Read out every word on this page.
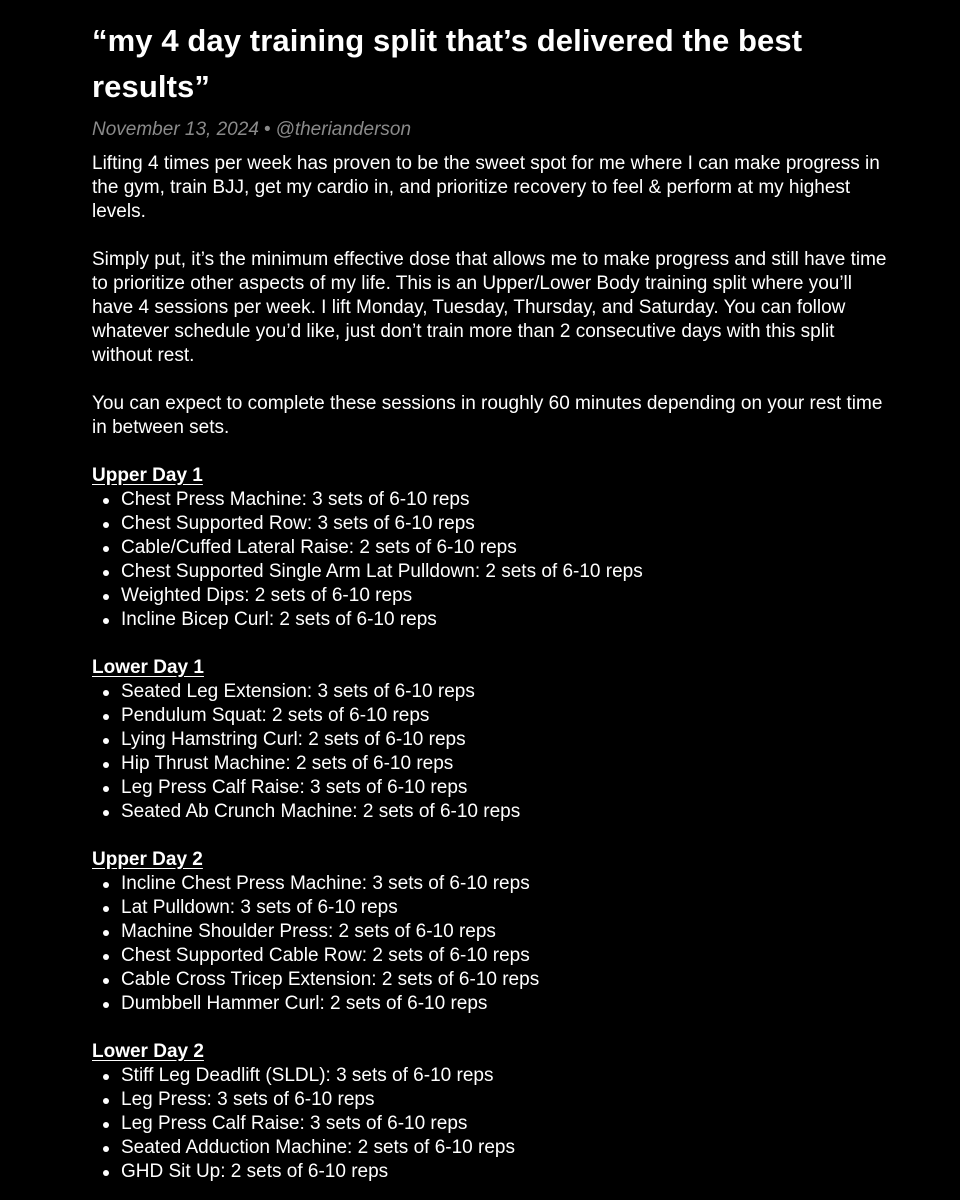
“my 4 day training split that’s delivered the best results”
November 13, 2024 • @therianderson

Lifting 4 times per week has proven to be the sweet spot for me where I can make progress in the gym, train BJJ, get my cardio in, and prioritize recovery to feel & perform at my highest levels.

Simply put, it’s the minimum effective dose that allows me to make progress and still have time to prioritize other aspects of my life. This is an Upper/Lower Body training split where you’ll have 4 sessions per week. I lift Monday, Tuesday, Thursday, and Saturday. You can follow whatever schedule you’d like, just don’t train more than 2 consecutive days with this split without rest.

You can expect to complete these sessions in roughly 60 minutes depending on your rest time in between sets.

Upper Day 1
Chest Press Machine: 3 sets of 6-10 reps
Chest Supported Row: 3 sets of 6-10 reps
Cable/Cuffed Lateral Raise: 2 sets of 6-10 reps
Chest Supported Single Arm Lat Pulldown: 2 sets of 6-10 reps
Weighted Dips: 2 sets of 6-10 reps
Incline Bicep Curl: 2 sets of 6-10 reps
Lower Day 1
Seated Leg Extension: 3 sets of 6-10 reps
Pendulum Squat: 2 sets of 6-10 reps
Lying Hamstring Curl: 2 sets of 6-10 reps
Hip Thrust Machine: 2 sets of 6-10 reps
Leg Press Calf Raise: 3 sets of 6-10 reps
Seated Ab Crunch Machine: 2 sets of 6-10 reps
Upper Day 2
Incline Chest Press Machine: 3 sets of 6-10 reps
Lat Pulldown: 3 sets of 6-10 reps
Machine Shoulder Press: 2 sets of 6-10 reps
Chest Supported Cable Row: 2 sets of 6-10 reps
Cable Cross Tricep Extension: 2 sets of 6-10 reps
Dumbbell Hammer Curl: 2 sets of 6-10 reps
Lower Day 2
Stiff Leg Deadlift (SLDL): 3 sets of 6-10 reps
Leg Press: 3 sets of 6-10 reps
Leg Press Calf Raise: 3 sets of 6-10 reps
Seated Adduction Machine: 2 sets of 6-10 reps
GHD Sit Up: 2 sets of 6-10 reps
